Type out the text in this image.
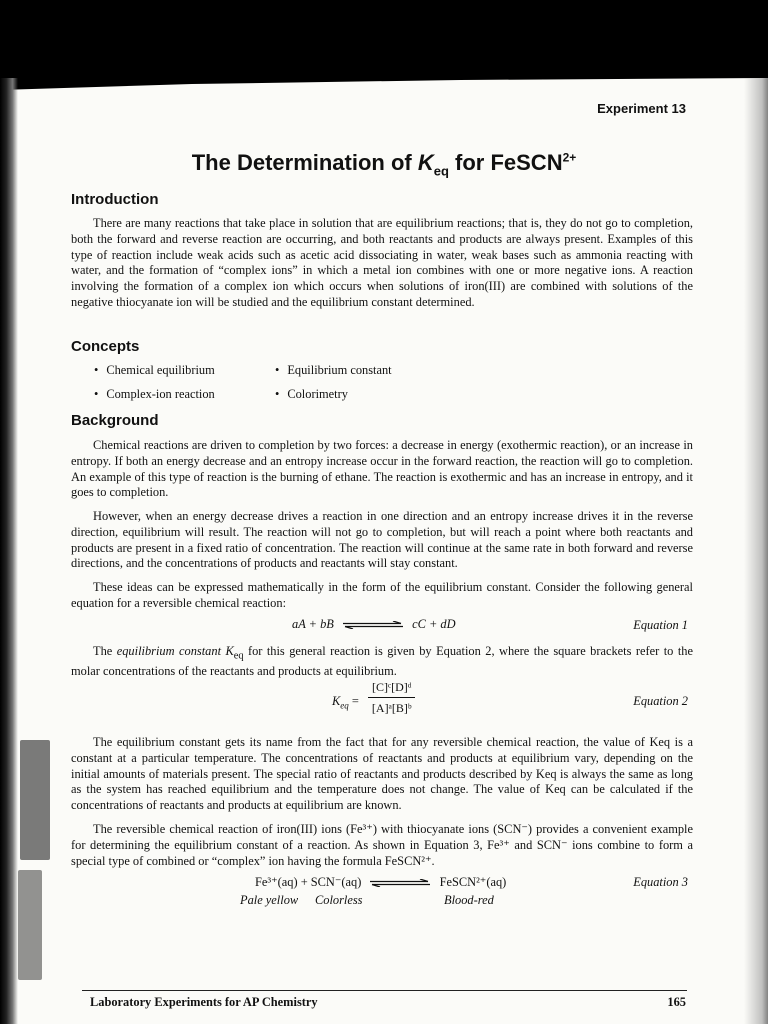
Experiment 13
The Determination of $K_{eq}$ for FeSCN$^{2+}$
Introduction
There are many reactions that take place in solution that are equilibrium reactions; that is, they do not go to completion, both the forward and reverse reaction are occurring, and both reactants and products are always present. Examples of this type of reaction include weak acids such as acetic acid dissociating in water, weak bases such as ammonia reacting with water, and the formation of “complex ions” in which a metal ion combines with one or more negative ions. A reaction involving the formation of a complex ion which occurs when solutions of iron(III) are combined with solutions of the negative thiocyanate ion will be studied and the equilibrium constant determined.
Concepts
• Chemical equilibrium	• Equilibrium constant
• Complex-ion reaction	• Colorimetry
Background
Chemical reactions are driven to completion by two forces: a decrease in energy (exothermic reaction), or an increase in entropy. If both an energy decrease and an entropy increase occur in the forward reaction, the reaction will go to completion. An example of this type of reaction is the burning of ethane. The reaction is exothermic and has an increase in entropy, and it goes to completion.
However, when an energy decrease drives a reaction in one direction and an entropy increase drives it in the reverse direction, equilibrium will result. The reaction will not go to completion, but will reach a point where both reactants and products are present in a fixed ratio of concentration. The reaction will continue at the same rate in both forward and reverse directions, and the concentrations of products and reactants will stay constant.
These ideas can be expressed mathematically in the form of the equilibrium constant. Consider the following general equation for a reversible chemical reaction:
aA + bB	cC + dD	Equation 1
The equilibrium constant $K_{eq}$ for this general reaction is given by Equation 2, where the square brackets refer to the molar concentrations of the reactants and products at equilibrium.
$K_{eq} = \frac{\text{[C]ᶜ[D]ᵈ}}{\text{[A]ᵃ[B]ᵇ}}$	Equation 2
The equilibrium constant gets its name from the fact that for any reversible chemical reaction, the value of Keq is a constant at a particular temperature. The concentrations of reactants and products at equilibrium vary, depending on the initial amounts of materials present. The special ratio of reactants and products described by Keq is always the same as long as the system has reached equilibrium and the temperature does not change. The value of Keq can be calculated if the concentrations of reactants and products at equilibrium are known.
The reversible chemical reaction of iron(III) ions (Fe³⁺) with thiocyanate ions (SCN⁻) provides a convenient example for determining the equilibrium constant of a reaction. As shown in Equation 3, Fe³⁺ and SCN⁻ ions combine to form a special type of combined or “complex” ion having the formula FeSCN²⁺.
Fe³⁺(aq) + SCN⁻(aq)	FeSCN²⁺(aq)	Equation 3
Pale yellow Colorless	Blood-red
Laboratory Experiments for AP Chemistry	165
